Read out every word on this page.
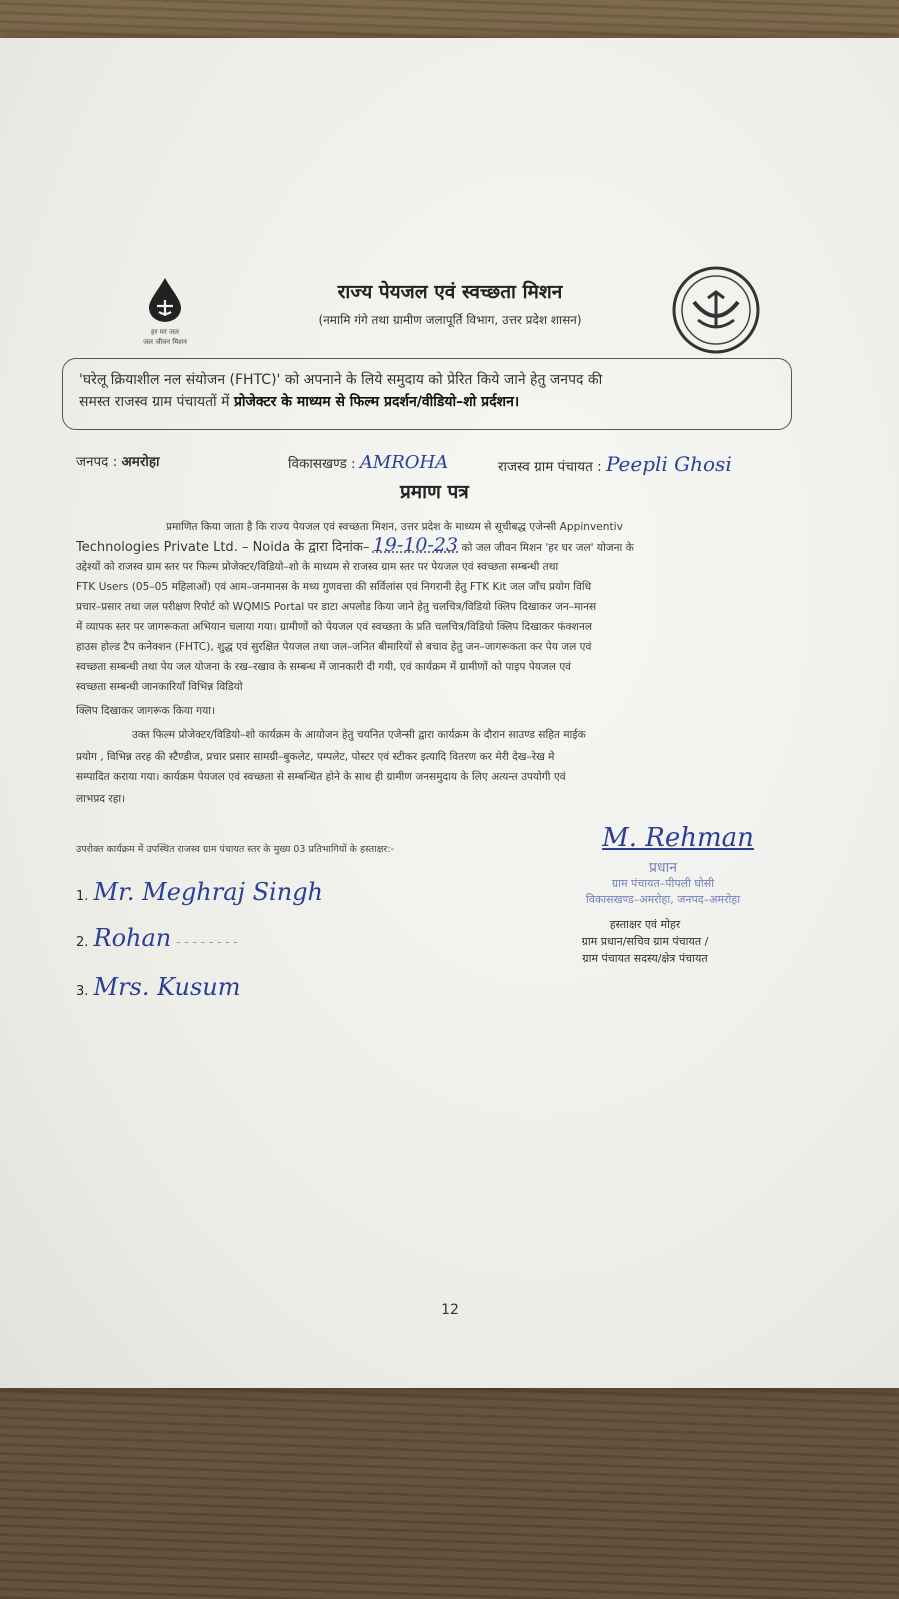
हर घर जल
जल जीवन मिशन
राज्य पेयजल एवं स्वच्छता मिशन
(नमामि गंगे तथा ग्रामीण जलापूर्ति विभाग, उत्तर प्रदेश शासन)
'घरेलू क्रियाशील नल संयोजन (FHTC)' को अपनाने के लिये समुदाय को प्रेरित किये जाने हेतु जनपद की
समस्त राजस्व ग्राम पंचायतों में प्रोजेक्टर के माध्यम से फिल्म प्रदर्शन/वीडियो–शो प्रर्दशन।
जनपद : अमरोहा	विकासखण्ड : AMROHA	राजस्व ग्राम पंचायत : Peepli Ghosi
प्रमाण पत्र
प्रमाणित किया जाता है कि राज्य पेयजल एवं स्वच्छता मिशन, उत्तर प्रदेश के माध्यम से सूचीबद्ध एजेन्सी Appinventiv
Technologies Private Ltd. – Noida के द्वारा दिनांक– 19-10-23 को जल जीवन मिशन 'हर घर जल' योजना के
उद्देश्यों को राजस्व ग्राम स्तर पर फिल्म प्रोजेक्टर/विडियो–शो के माध्यम से राजस्व ग्राम स्तर पर पेयजल एवं स्वच्छता सम्बन्धी तथा
FTK Users (05–05 महिलाओं) एवं आम–जनमानस के मध्य गुणवत्ता की सर्विलांस एवं निगरानी हेतु FTK Kit जल जाँच प्रयोग विधि
प्रचार–प्रसार तथा जल परीक्षण रिपोर्ट को WQMIS Portal पर डाटा अपलोड किया जाने हेतु चलचित्र/विडियो क्लिप दिखाकर जन–मानस
में व्यापक स्तर पर जागरूकता अभियान चलाया गया। ग्रामीणों को पेयजल एवं स्वच्छता के प्रति चलचित्र/विडियो क्लिप दिखाकर फंक्शनल
हाउस होल्ड टैप कनेक्शन (FHTC), शुद्ध एवं सुरक्षित पेयजल तथा जल–जनित बीमारियों से बचाव हेतु जन–जागरूकता कर पेय जल एवं
स्वच्छता सम्बन्धी तथा पेय जल योजना के रख–रखाव के सम्बन्ध में जानकारी दी गयी, एवं कार्यक्रम में ग्रामीणों को पाइप पेयजल एवं
स्वच्छता सम्बन्धी जानकारियाँ विभिन्न विडियो
क्लिप दिखाकर जागरूक किया गया।
उक्त फिल्म प्रोजेक्टर/विडियो–शो कार्यक्रम के आयोजन हेतु चयनित एजेन्सी द्वारा कार्यक्रम के दौरान साउण्ड सहित माईक
प्रयोग , विभिन्न तरह की स्टैण्डीज, प्रचार प्रसार सामग्री–बुकलेट, पम्पलेट, पोस्टर एवं स्टीकर इत्यादि वितरण कर मेरी देख–रेख मे
सम्पादित कराया गया। कार्यक्रम पेयजल एवं स्वच्छता से सम्बन्धित होने के साथ ही ग्रामीण जनसमुदाय के लिए अत्यन्त उपयोगी एवं
लाभप्रद रहा।
उपरोक्त कार्यक्रम में उपस्थित राजस्व ग्राम पंचायत स्तर के मुख्य 03 प्रतिभागियों के हस्ताक्षर:-
1. Mr. Meghraj Singh
2. Rohan - - - - - - - -
3. Mrs. Kusum
M. Rehman
प्रधान
ग्राम पंचायत–पीपली घोसी
विकासखण्ड–अमरोहा, जनपद–अमरोहा
हस्ताक्षर एवं मोहर
ग्राम प्रधान/सचिव ग्राम पंचायत /
ग्राम पंचायत सदस्य/क्षेत्र पंचायत
12
